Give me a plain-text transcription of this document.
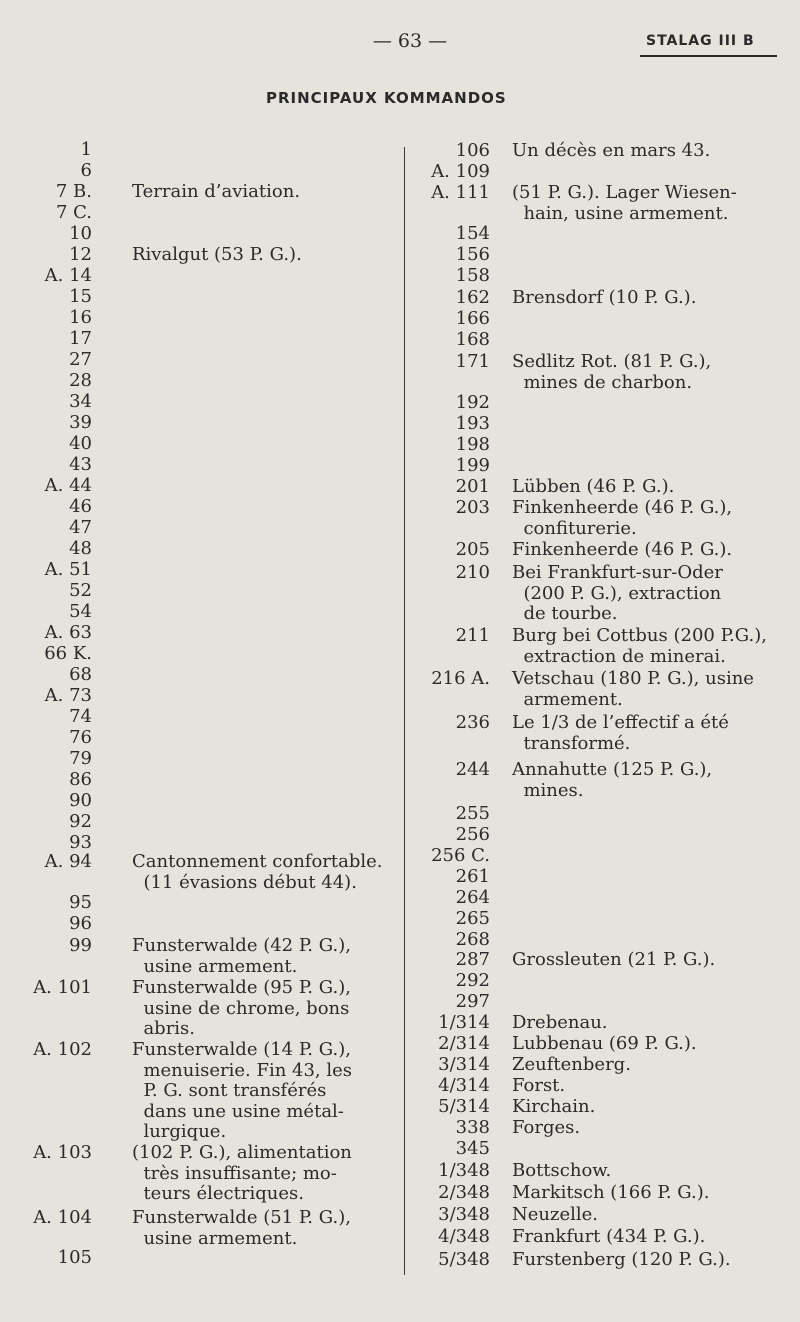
— 63 —	STALAG III B
PRINCIPAUX KOMMANDOS
1
6
7 B. Terrain d’aviation.
7 C.
10
12 Rivalgut (53 P. G.).
A. 14
15
16
17
27
28
34
39
40
43
A. 44
46
47
48
A. 51
52
54
A. 63
66 K.
68
A. 73
74
76
79
86
90
92
93
A. 94 Cantonnement confortable.
(11 évasions début 44).
95
96
99 Funsterwalde (42 P. G.),
usine armement.
A. 101 Funsterwalde (95 P. G.),
usine de chrome, bons
abris.
A. 102 Funsterwalde (14 P. G.),
menuiserie. Fin 43, les
P. G. sont transférés
dans une usine métal-
lurgique.
A. 103 (102 P. G.), alimentation
très insuffisante; mo-
teurs électriques.
A. 104 Funsterwalde (51 P. G.),
usine armement.
105
106 Un décès en mars 43.
A. 109
A. 111 (51 P. G.). Lager Wiesen-
hain, usine armement.
154
156
158
162 Brensdorf (10 P. G.).
166
168
171 Sedlitz Rot. (81 P. G.),
mines de charbon.
192
193
198
199
201 Lübben (46 P. G.).
203 Finkenheerde (46 P. G.),
confiturerie.
205 Finkenheerde (46 P. G.).
210 Bei Frankfurt-sur-Oder
(200 P. G.), extraction
de tourbe.
211 Burg bei Cottbus (200 P.G.),
extraction de minerai.
216 A. Vetschau (180 P. G.), usine
armement.
236 Le 1/3 de l’effectif a été
transformé.
244 Annahutte (125 P. G.),
mines.
255
256
256 C.
261
264
265
268
287 Grossleuten (21 P. G.).
292
297
1/314 Drebenau.
2/314 Lubbenau (69 P. G.).
3/314 Zeuftenberg.
4/314 Forst.
5/314 Kirchain.
338 Forges.
345
1/348 Bottschow.
2/348 Markitsch (166 P. G.).
3/348 Neuzelle.
4/348 Frankfurt (434 P. G.).
5/348 Furstenberg (120 P. G.).
